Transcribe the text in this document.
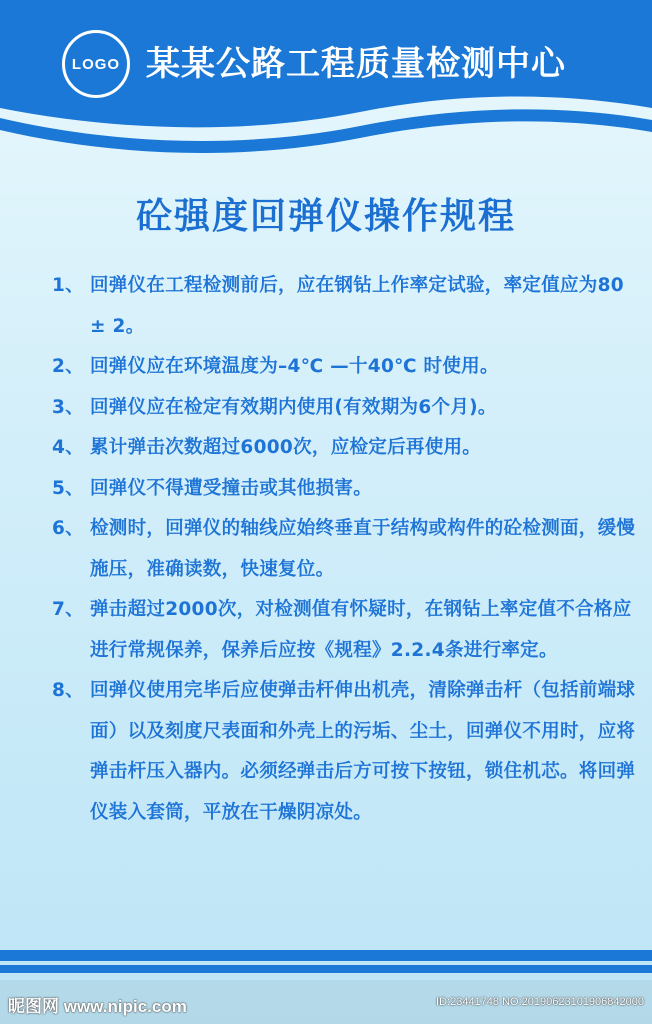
LOGO 某某公路工程质量检测中心
砼强度回弹仪操作规程
1、 回弹仪在工程检测前后，应在钢钻上作率定试验，率定值应为80 ± 2。
2、 回弹仪应在环境温度为–4℃ —十40℃ 时使用。
3、 回弹仪应在检定有效期内使用(有效期为6个月)。
4、 累计弹击次数超过6000次，应检定后再使用。
5、 回弹仪不得遭受撞击或其他损害。
6、 检测时，回弹仪的轴线应始终垂直于结构或构件的砼检测面，缓慢施压，准确读数，快速复位。
7、 弹击超过2000次，对检测值有怀疑时，在钢钻上率定值不合格应进行常规保养，保养后应按《规程》2.2.4条进行率定。
8、 回弹仪使用完毕后应使弹击杆伸出机壳，清除弹击杆（包括前端球面）以及刻度尺表面和外壳上的污垢、尘土，回弹仪不用时，应将弹击杆压入器内。必须经弹击后方可按下按钮，锁住机芯。将回弹仪装入套筒，平放在干燥阴凉处。
昵图网 www.nipic.com	ID:23441748 NO:20190623101906842000
